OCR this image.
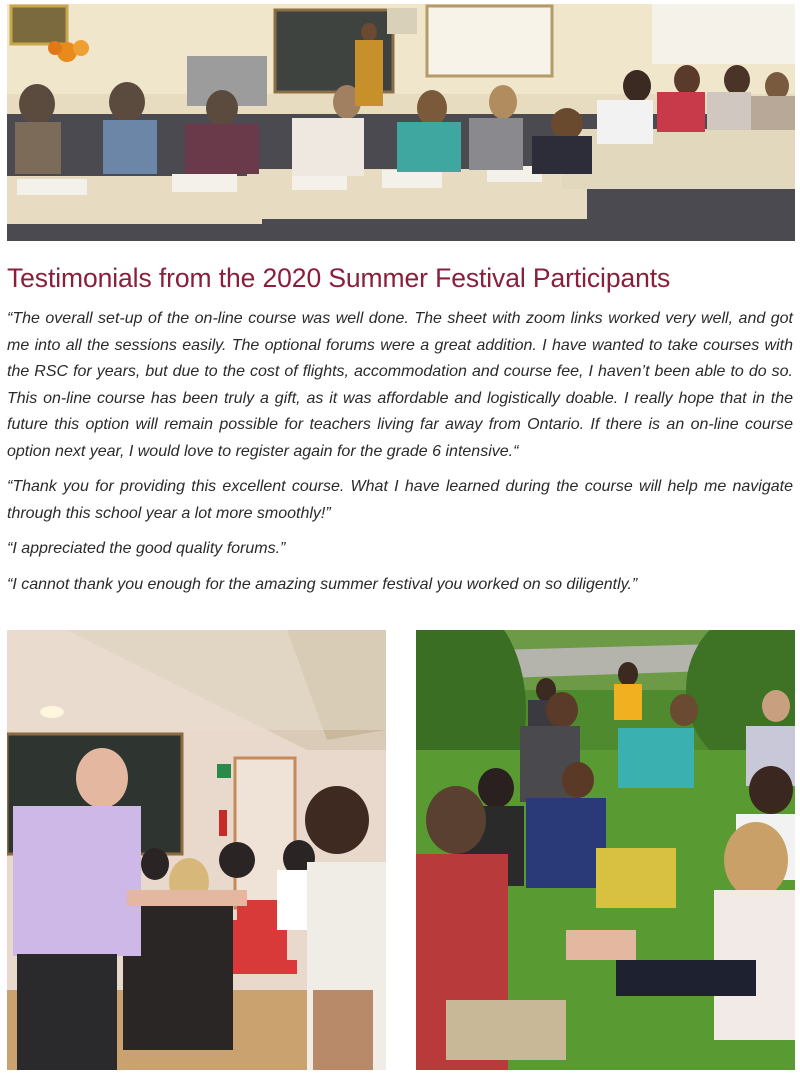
Testimonials from the 2020 Summer Festival Participants

“The overall set-up of the on-line course was well done. The sheet with zoom links worked very well, and got me into all the sessions easily. The optional forums were a great addition. I have wanted to take courses with the RSC for years, but due to the cost of flights, accommodation and course fee, I haven’t been able to do so. This on-line course has been truly a gift, as it was affordable and logistically doable. I really hope that in the future this option will remain possible for teachers living far away from Ontario. If there is an on-line course option next year, I would love to register again for the grade 6 intensive.“

“Thank you for providing this excellent course. What I have learned during the course will help me navigate through this school year a lot more smoothly!”

“I appreciated the good quality forums.”

“I cannot thank you enough for the amazing summer festival you worked on so diligently.”
